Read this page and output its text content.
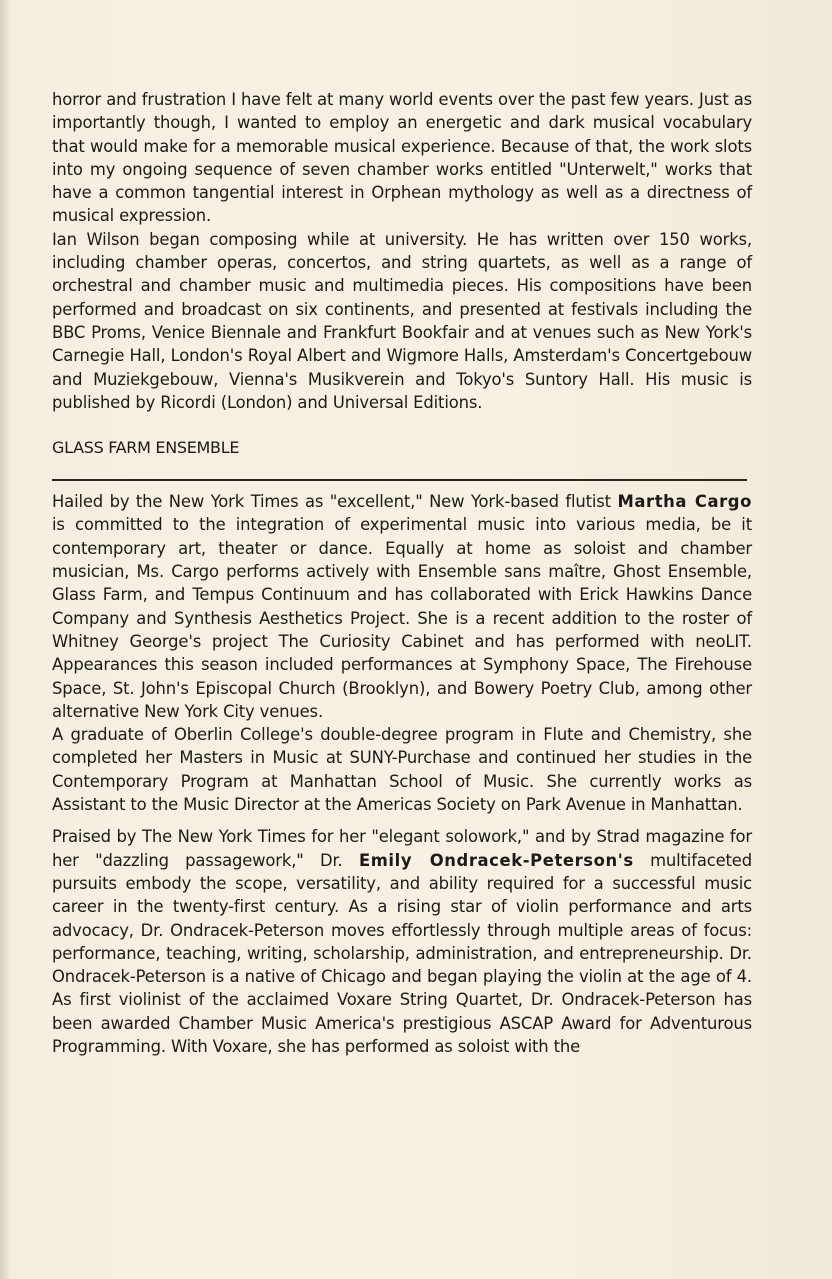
horror and frustration I have felt at many world events over the past few years. Just as importantly though, I wanted to employ an energetic and dark musical vocabulary that would make for a memorable musical experience. Because of that, the work slots into my ongoing sequence of seven chamber works entitled "Unterwelt," works that have a common tangential interest in Orphean mythology as well as a directness of musical expression.

Ian Wilson began composing while at university. He has written over 150 works, including chamber operas, concertos, and string quartets, as well as a range of orchestral and chamber music and multimedia pieces. His compositions have been performed and broadcast on six continents, and presented at festivals including the BBC Proms, Venice Biennale and Frankfurt Bookfair and at venues such as New York's Carnegie Hall, London's Royal Albert and Wigmore Halls, Amsterdam's Concertgebouw and Muziekgebouw, Vienna's Musikverein and Tokyo's Suntory Hall. His music is published by Ricordi (London) and Universal Editions.

GLASS FARM ENSEMBLE

Hailed by the New York Times as "excellent," New York-based flutist Martha Cargo is committed to the integration of experimental music into various media, be it contemporary art, theater or dance. Equally at home as soloist and chamber musician, Ms. Cargo performs actively with Ensemble sans maître, Ghost Ensemble, Glass Farm, and Tempus Continuum and has collaborated with Erick Hawkins Dance Company and Synthesis Aesthetics Project. She is a recent addition to the roster of Whitney George's project The Curiosity Cabinet and has performed with neoLIT. Appearances this season included performances at Symphony Space, The Firehouse Space, St. John's Episcopal Church (Brooklyn), and Bowery Poetry Club, among other alternative New York City venues.

A graduate of Oberlin College's double-degree program in Flute and Chemistry, she completed her Masters in Music at SUNY-Purchase and continued her studies in the Contemporary Program at Manhattan School of Music. She currently works as Assistant to the Music Director at the Americas Society on Park Avenue in Manhattan.

Praised by The New York Times for her "elegant solowork," and by Strad magazine for her "dazzling passagework," Dr. Emily Ondracek-Peterson's multifaceted pursuits embody the scope, versatility, and ability required for a successful music career in the twenty-first century. As a rising star of violin performance and arts advocacy, Dr. Ondracek-Peterson moves effortlessly through multiple areas of focus: performance, teaching, writing, scholarship, administration, and entrepreneurship. Dr. Ondracek-Peterson is a native of Chicago and began playing the violin at the age of 4. As first violinist of the acclaimed Voxare String Quartet, Dr. Ondracek-Peterson has been awarded Chamber Music America's prestigious ASCAP Award for Adventurous Programming. With Voxare, she has performed as soloist with the
